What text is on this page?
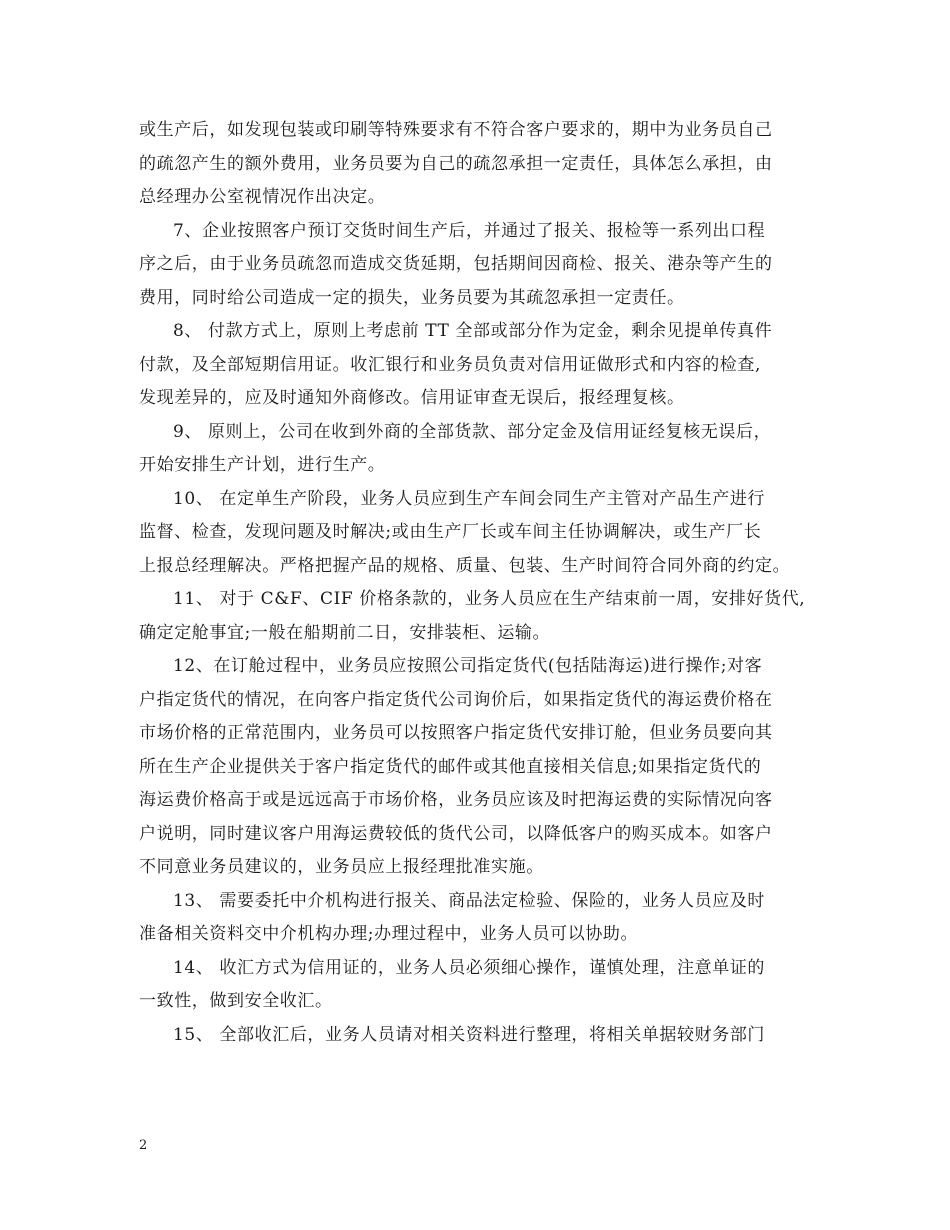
或生产后，如发现包装或印刷等特殊要求有不符合客户要求的，期中为业务员自己
的疏忽产生的额外费用，业务员要为自己的疏忽承担一定责任，具体怎么承担，由
总经理办公室视情况作出决定。
7、企业按照客户预订交货时间生产后，并通过了报关、报检等一系列出口程
序之后，由于业务员疏忽而造成交货延期，包括期间因商检、报关、港杂等产生的
费用，同时给公司造成一定的损失，业务员要为其疏忽承担一定责任。
8、 付款方式上，原则上考虑前 TT 全部或部分作为定金，剩余见提单传真件
付款，及全部短期信用证。收汇银行和业务员负责对信用证做形式和内容的检查,
发现差异的，应及时通知外商修改。信用证审查无误后，报经理复核。
9、 原则上，公司在收到外商的全部货款、部分定金及信用证经复核无误后，
开始安排生产计划，进行生产。
10、 在定单生产阶段，业务人员应到生产车间会同生产主管对产品生产进行
监督、检查，发现问题及时解决;或由生产厂长或车间主任协调解决，或生产厂长
上报总经理解决。严格把握产品的规格、质量、包装、生产时间符合同外商的约定。
11、 对于 C&F、CIF 价格条款的，业务人员应在生产结束前一周，安排好货代,
确定定舱事宜;一般在船期前二日，安排装柜、运输。
12、在订舱过程中，业务员应按照公司指定货代(包括陆海运)进行操作;对客
户指定货代的情况，在向客户指定货代公司询价后，如果指定货代的海运费价格在
市场价格的正常范围内，业务员可以按照客户指定货代安排订舱，但业务员要向其
所在生产企业提供关于客户指定货代的邮件或其他直接相关信息;如果指定货代的
海运费价格高于或是远远高于市场价格，业务员应该及时把海运费的实际情况向客
户说明，同时建议客户用海运费较低的货代公司，以降低客户的购买成本。如客户
不同意业务员建议的，业务员应上报经理批准实施。
13、 需要委托中介机构进行报关、商品法定检验、保险的，业务人员应及时
准备相关资料交中介机构办理;办理过程中，业务人员可以协助。
14、 收汇方式为信用证的，业务人员必须细心操作，谨慎处理，注意单证的
一致性，做到安全收汇。
15、 全部收汇后，业务人员请对相关资料进行整理，将相关单据较财务部门
2
